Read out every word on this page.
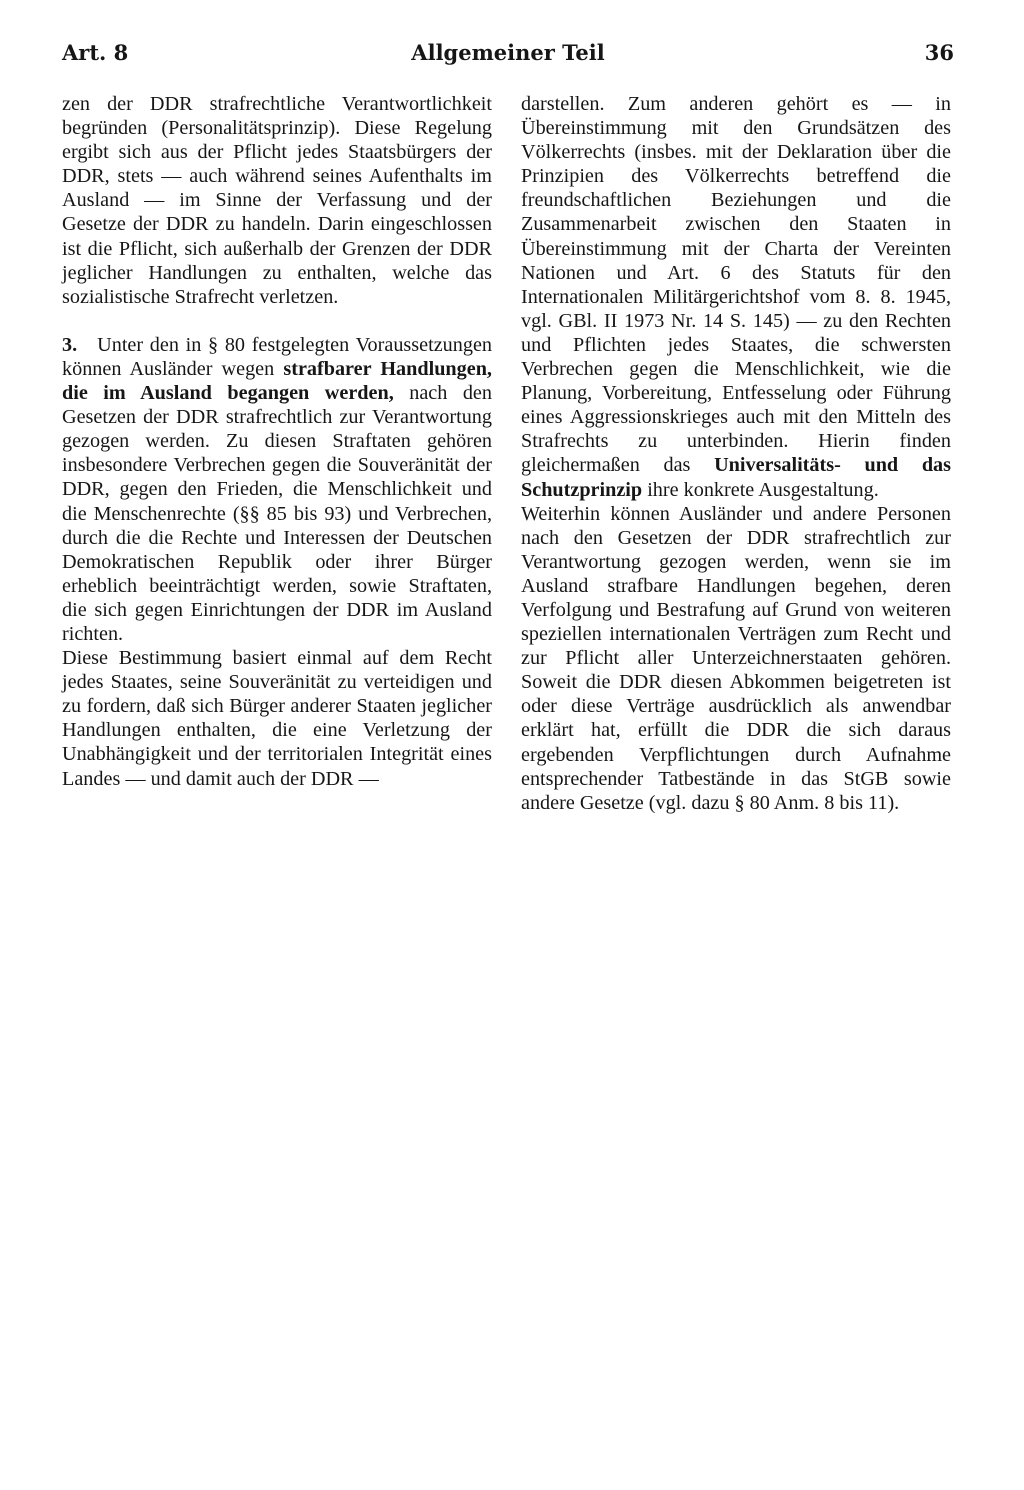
Art. 8	Allgemeiner Teil	36

zen der DDR strafrechtliche Verantwortlichkeit begründen (Personalitätsprinzip). Diese Regelung ergibt sich aus der Pflicht jedes Staatsbürgers der DDR, stets — auch während seines Aufenthalts im Ausland — im Sinne der Verfassung und der Gesetze der DDR zu handeln. Darin eingeschlossen ist die Pflicht, sich außerhalb der Grenzen der DDR jeglicher Handlungen zu enthalten, welche das sozialistische Strafrecht verletzen.

3. Unter den in § 80 festgelegten Voraussetzungen können Ausländer wegen strafbarer Handlungen, die im Ausland begangen werden, nach den Gesetzen der DDR strafrechtlich zur Verantwortung gezogen werden. Zu diesen Straftaten gehören insbesondere Verbrechen gegen die Souveränität der DDR, gegen den Frieden, die Menschlichkeit und die Menschenrechte (§§ 85 bis 93) und Verbrechen, durch die die Rechte und Interessen der Deutschen Demokratischen Republik oder ihrer Bürger erheblich beeinträchtigt werden, sowie Straftaten, die sich gegen Einrichtungen der DDR im Ausland richten.

Diese Bestimmung basiert einmal auf dem Recht jedes Staates, seine Souveränität zu verteidigen und zu fordern, daß sich Bürger anderer Staaten jeglicher Handlungen enthalten, die eine Verletzung der Unabhängigkeit und der territorialen Integrität eines Landes — und damit auch der DDR —

darstellen. Zum anderen gehört es — in Übereinstimmung mit den Grundsätzen des Völkerrechts (insbes. mit der Deklaration über die Prinzipien des Völkerrechts betreffend die freundschaftlichen Beziehungen und die Zusammenarbeit zwischen den Staaten in Übereinstimmung mit der Charta der Vereinten Nationen und Art. 6 des Statuts für den Internationalen Militärgerichtshof vom 8. 8. 1945, vgl. GBl. II 1973 Nr. 14 S. 145) — zu den Rechten und Pflichten jedes Staates, die schwersten Verbrechen gegen die Menschlichkeit, wie die Planung, Vorbereitung, Entfesselung oder Führung eines Aggressionskrieges auch mit den Mitteln des Strafrechts zu unterbinden. Hierin finden gleichermaßen das Universalitäts- und das Schutzprinzip ihre konkrete Ausgestaltung.

Weiterhin können Ausländer und andere Personen nach den Gesetzen der DDR strafrechtlich zur Verantwortung gezogen werden, wenn sie im Ausland strafbare Handlungen begehen, deren Verfolgung und Bestrafung auf Grund von weiteren speziellen internationalen Verträgen zum Recht und zur Pflicht aller Unterzeichnerstaaten gehören. Soweit die DDR diesen Abkommen beigetreten ist oder diese Verträge ausdrücklich als anwendbar erklärt hat, erfüllt die DDR die sich daraus ergebenden Verpflichtungen durch Aufnahme entsprechender Tatbestände in das StGB sowie andere Gesetze (vgl. dazu § 80 Anm. 8 bis 11).
